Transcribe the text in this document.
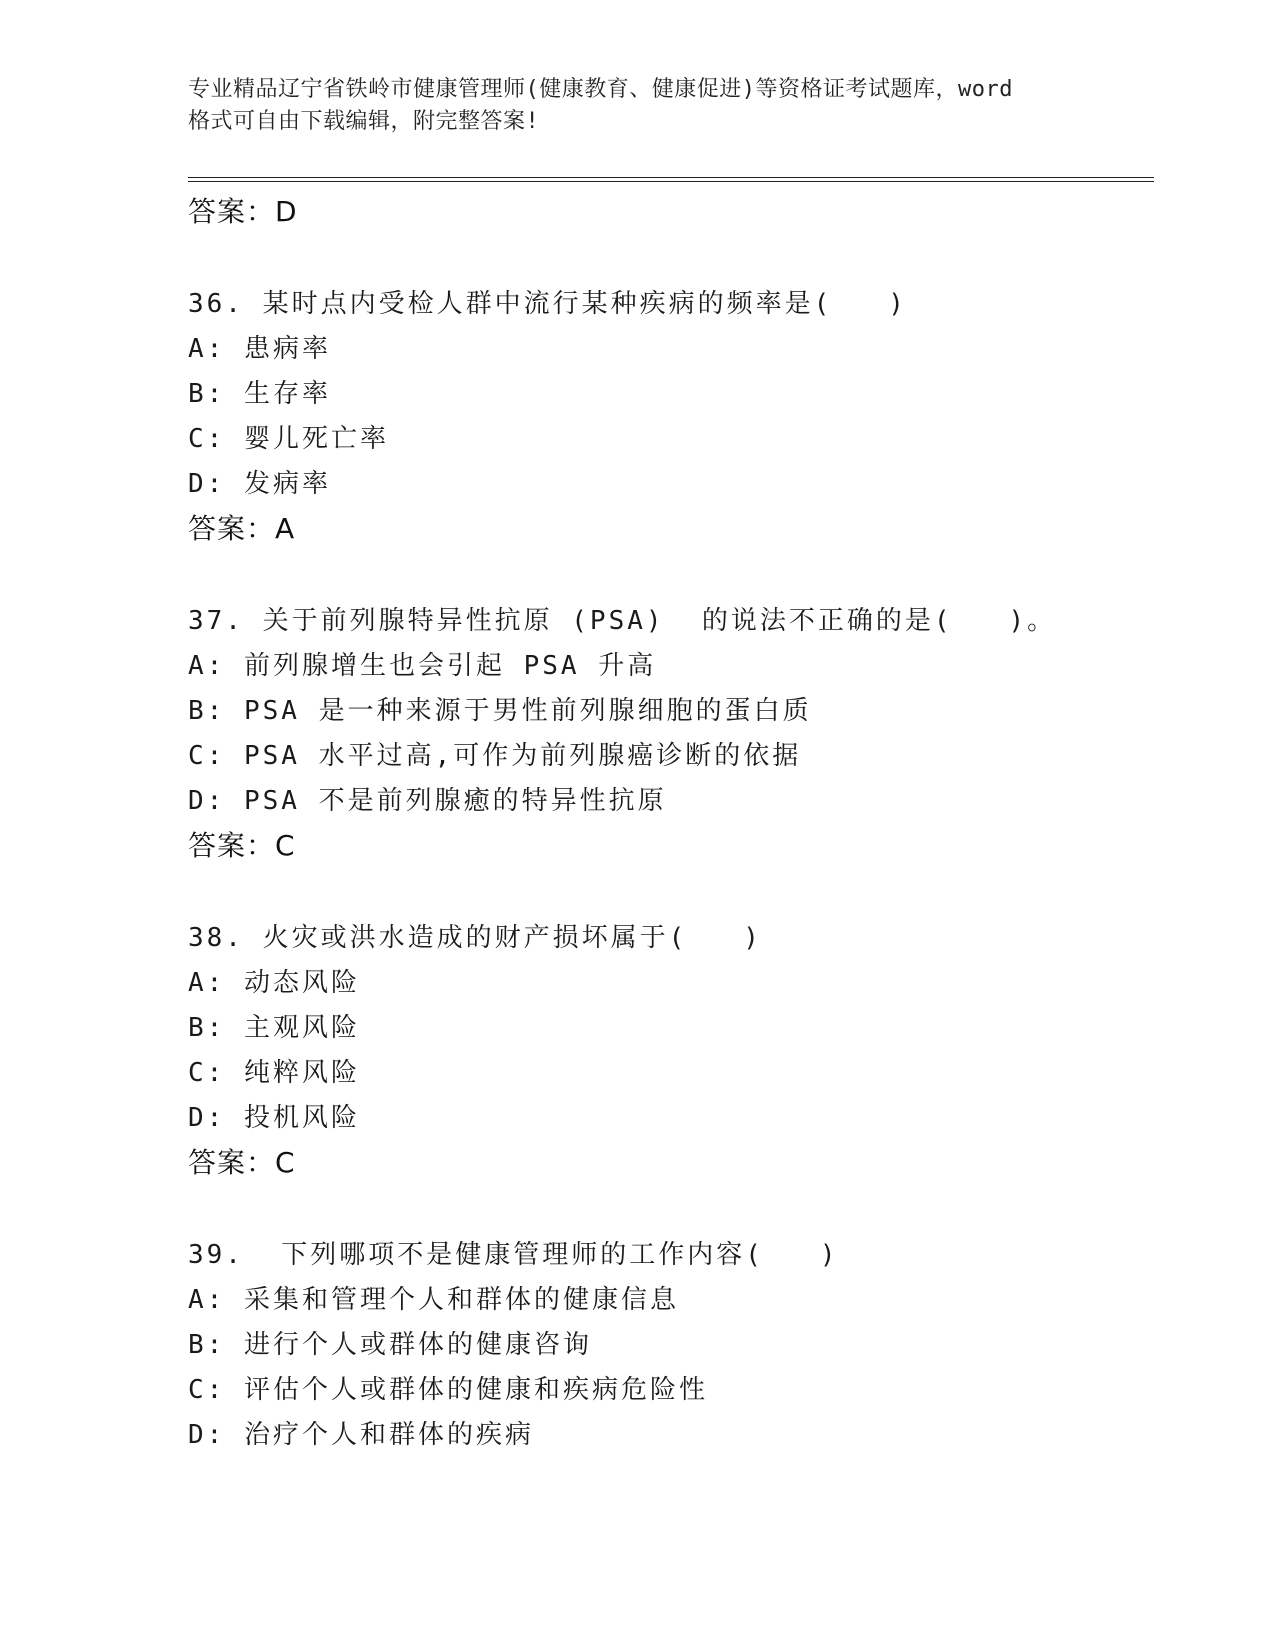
专业精品辽宁省铁岭市健康管理师(健康教育、健康促进)等资格证考试题库，word
格式可自由下载编辑，附完整答案!
答案：D
36. 某时点内受检人群中流行某种疾病的频率是(   )
A: 患病率
B: 生存率
C: 婴儿死亡率
D: 发病率
答案：A
37. 关于前列腺特异性抗原 (PSA)  的说法不正确的是(   )。
A: 前列腺增生也会引起 PSA 升高
B: PSA 是一种来源于男性前列腺细胞的蛋白质
C: PSA 水平过高,可作为前列腺癌诊断的依据
D: PSA 不是前列腺癒的特异性抗原
答案：C
38. 火灾或洪水造成的财产损坏属于(   )
A: 动态风险
B: 主观风险
C: 纯粹风险
D: 投机风险
答案：C
39.  下列哪项不是健康管理师的工作内容(   )
A: 采集和管理个人和群体的健康信息
B: 进行个人或群体的健康咨询
C: 评估个人或群体的健康和疾病危险性
D: 治疗个人和群体的疾病
